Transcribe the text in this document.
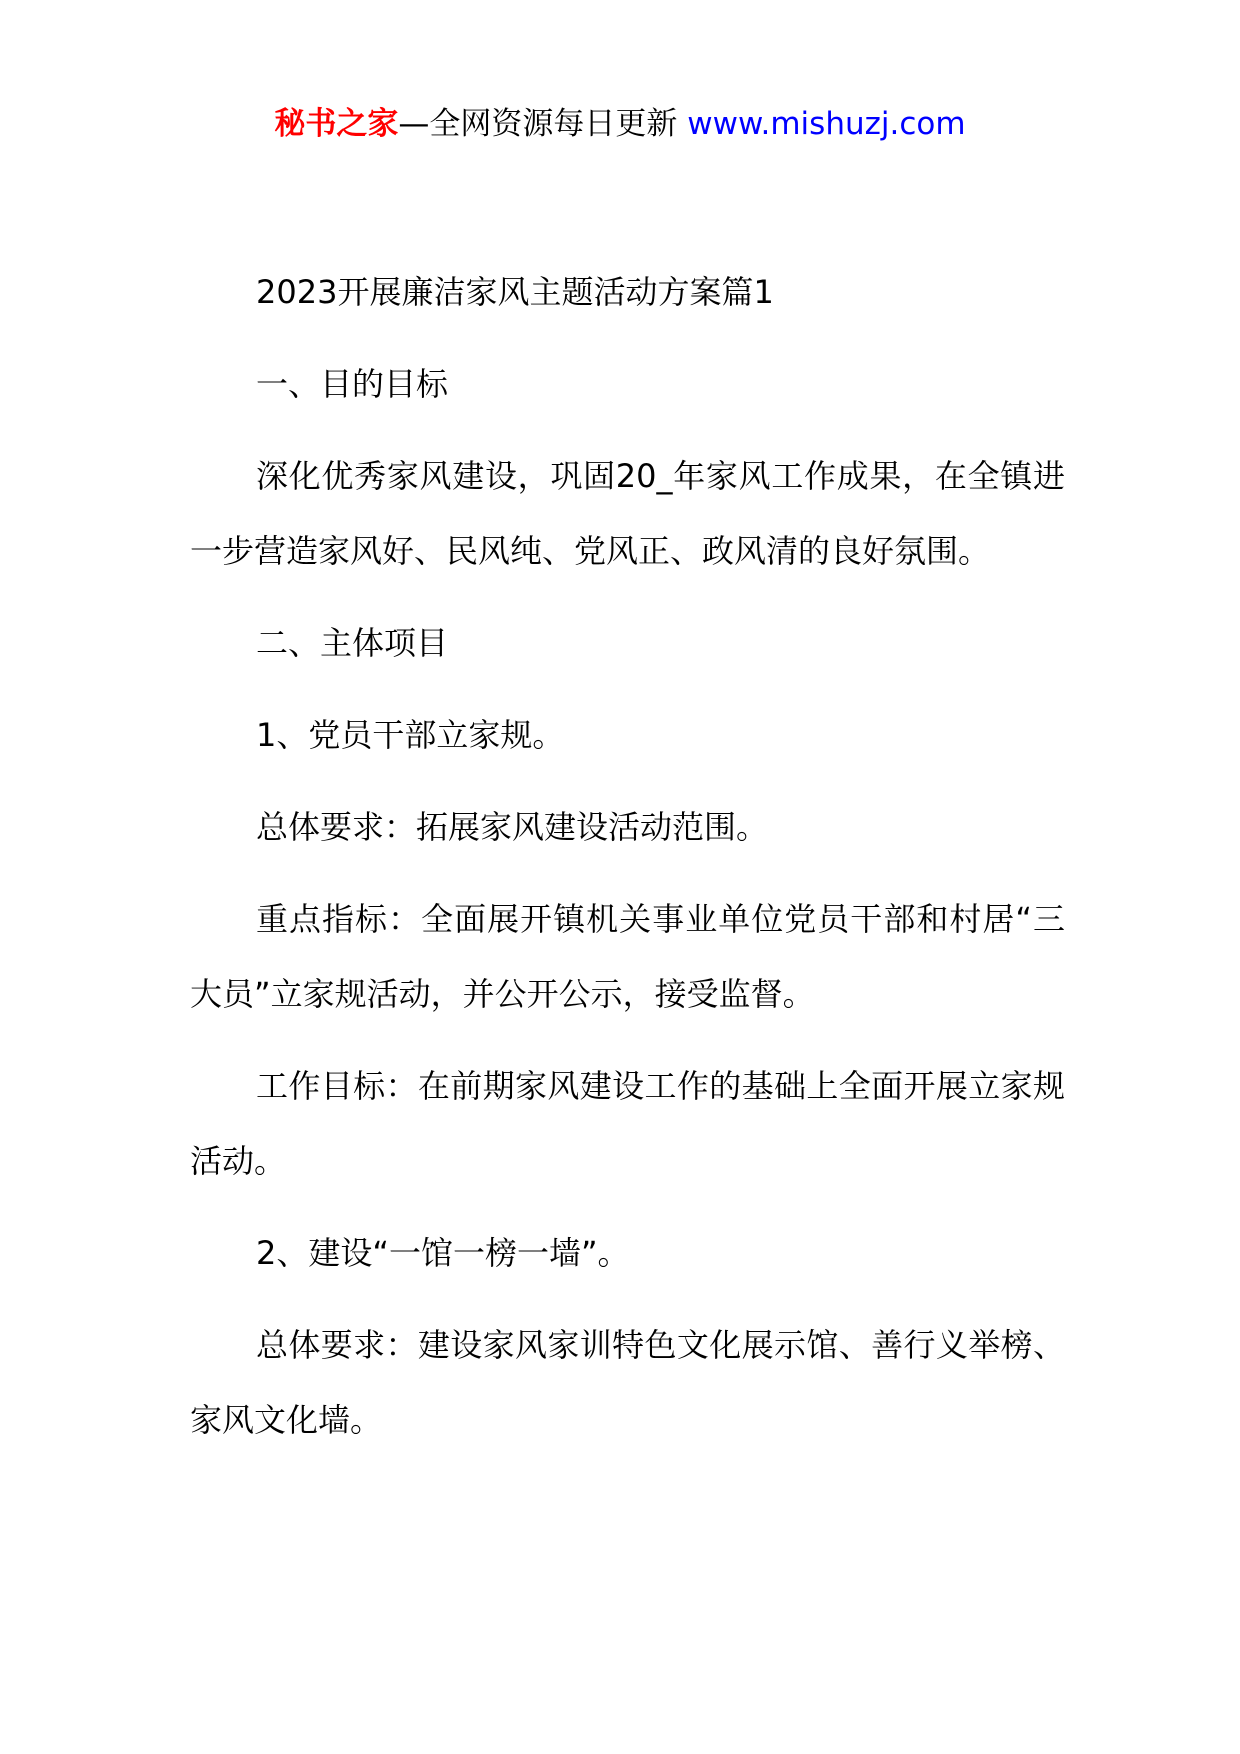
秘书之家—全网资源每日更新 www.mishuzj.com

2023开展廉洁家风主题活动方案篇1

一、目的目标

深化优秀家风建设，巩固20_年家风工作成果，在全镇进一步营造家风好、民风纯、党风正、政风清的良好氛围。

二、主体项目

1、党员干部立家规。

总体要求：拓展家风建设活动范围。

重点指标：全面展开镇机关事业单位党员干部和村居“三大员”立家规活动，并公开公示，接受监督。

工作目标：在前期家风建设工作的基础上全面开展立家规活动。

2、建设“一馆一榜一墙”。

总体要求：建设家风家训特色文化展示馆、善行义举榜、家风文化墙。
